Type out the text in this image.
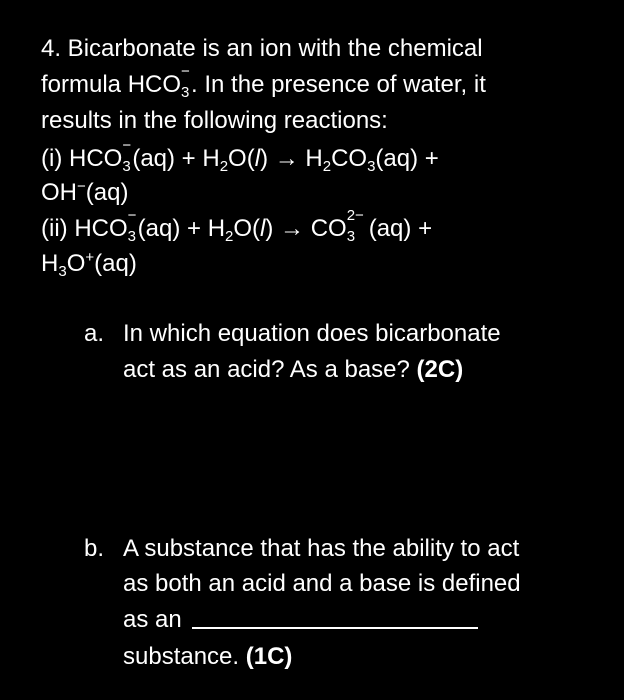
4. Bicarbonate is an ion with the chemical
formula HCO 3
− . In the presence of water, it
results in the following reactions:
(i) HCO 3
− $(aq) + H_2O(l) \to H_2CO_3(aq)$ +
OH−(aq)
(ii) HCO 3
− $(aq) + H_2O(l)$ → CO 3
2− (aq) +
$H_3O^+(aq)$
a. In which equation does bicarbonate
act as an acid? As a base? (2C)
b. A substance that has the ability to act
as both an acid and a base is defined
as an
substance. (1C)
